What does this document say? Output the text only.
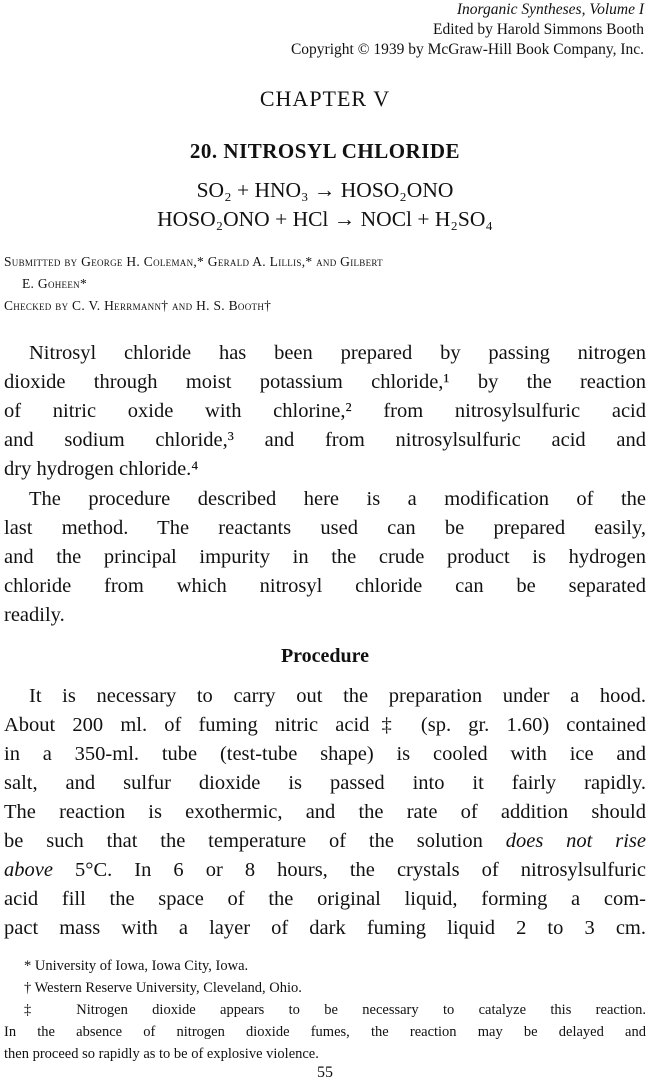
Inorganic Syntheses, Volume I
Edited by Harold Simmons Booth
Copyright © 1939 by McGraw-Hill Book Company, Inc.
CHAPTER V
20. NITROSYL CHLORIDE
SO₂ + HNO₃ → HOSO₂ONO
HOSO₂ONO + HCl → NOCl + H₂SO₄
Submitted by George H. Coleman,* Gerald A. Lillis,* and Gilbert
E. Goheen*
Checked by C. V. Herrmann† and H. S. Booth†
Nitrosyl chloride has been prepared by passing nitrogen
dioxide through moist potassium chloride,¹ by the reaction
of nitric oxide with chlorine,² from nitrosylsulfuric acid
and sodium chloride,³ and from nitrosylsulfuric acid and
dry hydrogen chloride.⁴
The procedure described here is a modification of the
last method. The reactants used can be prepared easily,
and the principal impurity in the crude product is hydrogen
chloride from which nitrosyl chloride can be separated
readily.
Procedure
It is necessary to carry out the preparation under a hood.
About 200 ml. of fuming nitric acid‡ (sp. gr. 1.60) contained
in a 350-ml. tube (test-tube shape) is cooled with ice and
salt, and sulfur dioxide is passed into it fairly rapidly.
The reaction is exothermic, and the rate of addition should
be such that the temperature of the solution does not rise
above 5°C. In 6 or 8 hours, the crystals of nitrosylsulfuric
acid fill the space of the original liquid, forming a com-
pact mass with a layer of dark fuming liquid 2 to 3 cm.
* University of Iowa, Iowa City, Iowa.
† Western Reserve University, Cleveland, Ohio.
‡ Nitrogen dioxide appears to be necessary to catalyze this reaction.
In the absence of nitrogen dioxide fumes, the reaction may be delayed and
then proceed so rapidly as to be of explosive violence.
55
